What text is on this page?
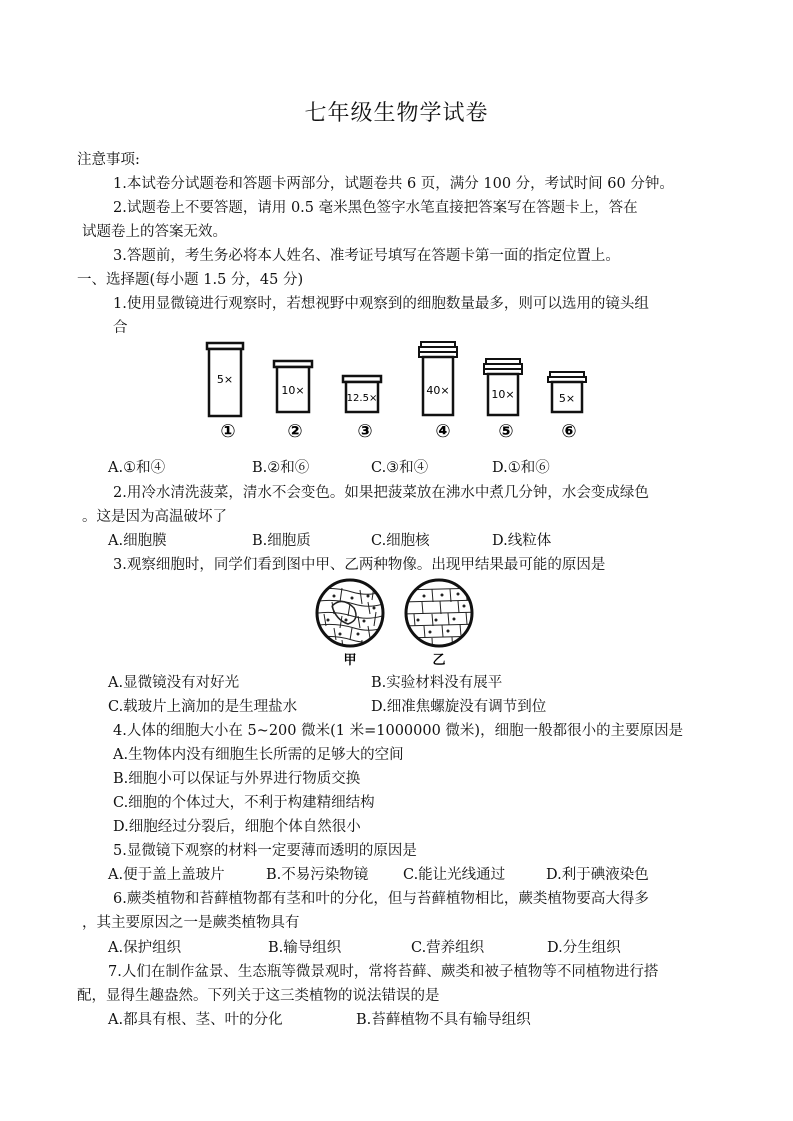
七年级生物学试卷
注意事项:
1.本试卷分试题卷和答题卡两部分，试题卷共 6 页，满分 100 分，考试时间 60 分钟。
2.试题卷上不要答题，请用 0.5 毫米黑色签字水笔直接把答案写在答题卡上，答在
试题卷上的答案无效。
3.答题前，考生务必将本人姓名、准考证号填写在答题卡第一面的指定位置上。
一、选择题(每小题 1.5 分，45 分)
1.使用显微镜进行观察时，若想视野中观察到的细胞数量最多，则可以选用的镜头组
合
5×
①
10×
②
12.5×
③
40×
④
10×
⑤
5×
⑥
A.①和④	B.②和⑥	C.③和④	D.①和⑥
2.用冷水清洗菠菜，清水不会变色。如果把菠菜放在沸水中煮几分钟，水会变成绿色
。这是因为高温破坏了
A.细胞膜	B.细胞质	C.细胞核	D.线粒体
3.观察细胞时，同学们看到图中甲、乙两种物像。出现甲结果最可能的原因是
甲	乙
A.显微镜没有对好光	B.实验材料没有展平
C.载玻片上滴加的是生理盐水	D.细准焦螺旋没有调节到位
4.人体的细胞大小在 5~200 微米(1 米=1000000 微米)，细胞一般都很小的主要原因是
A.生物体内没有细胞生长所需的足够大的空间
B.细胞小可以保证与外界进行物质交换
C.细胞的个体过大，不利于构建精细结构
D.细胞经过分裂后，细胞个体自然很小
5.显微镜下观察的材料一定要薄而透明的原因是
A.便于盖上盖玻片	B.不易污染物镜 C.能让光线通过	D.利于碘液染色
6.蕨类植物和苔藓植物都有茎和叶的分化，但与苔藓植物相比，蕨类植物要高大得多
，其主要原因之一是蕨类植物具有
A.保护组织	B.输导组织	C.营养组织	D.分生组织
7.人们在制作盆景、生态瓶等微景观时，常将苔藓、蕨类和被子植物等不同植物进行搭
配，显得生趣盎然。下列关于这三类植物的说法错误的是
A.都具有根、茎、叶的分化	B.苔藓植物不具有输导组织
